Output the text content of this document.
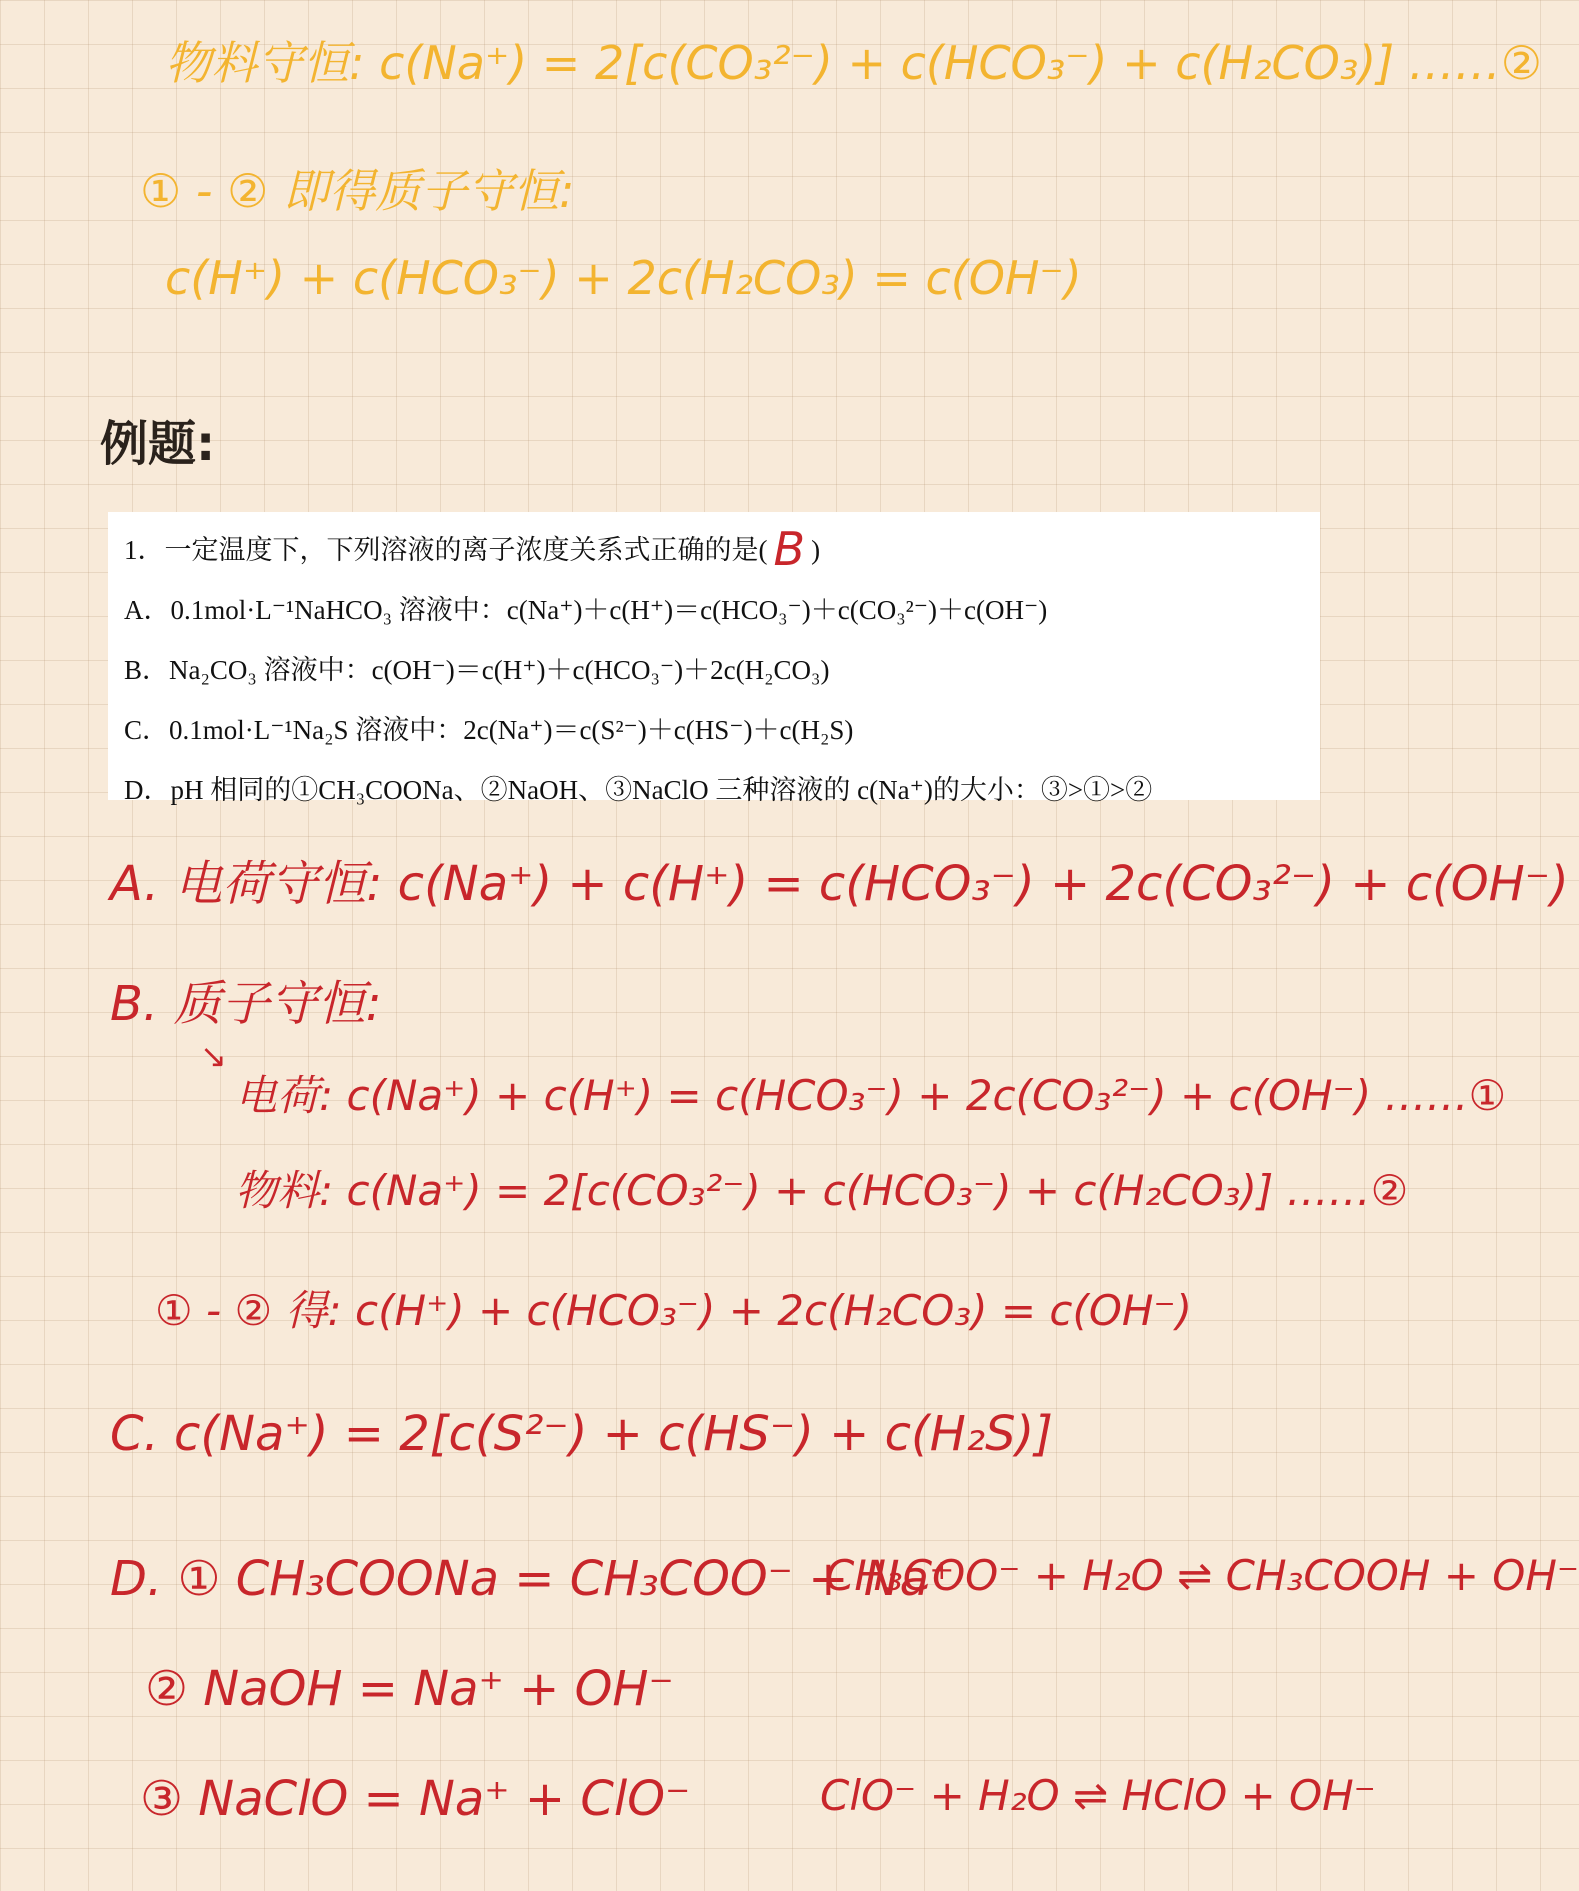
物料守恒: c(Na⁺) = 2[c(CO₃²⁻) + c(HCO₃⁻) + c(H₂CO₃)] ……②
① - ② 即得质子守恒:
c(H⁺) + c(HCO₃⁻) + 2c(H₂CO₃) = c(OH⁻)
例题:
1．一定温度下，下列溶液的离子浓度关系式正确的是( B )
A．0.1mol·L⁻¹NaHCO₃ 溶液中：c(Na⁺)＋c(H⁺)＝c(HCO₃⁻)＋c(CO₃²⁻)＋c(OH⁻)
B．Na₂CO₃ 溶液中：c(OH⁻)＝c(H⁺)＋c(HCO₃⁻)＋2c(H₂CO₃)
C．0.1mol·L⁻¹Na₂S 溶液中：2c(Na⁺)＝c(S²⁻)＋c(HS⁻)＋c(H₂S)
D．pH 相同的①CH₃COONa、②NaOH、③NaClO 三种溶液的 c(Na⁺)的大小：③>①>②
A. 电荷守恒: c(Na⁺) + c(H⁺) = c(HCO₃⁻) + 2c(CO₃²⁻) + c(OH⁻)
B. 质子守恒:
↘
电荷: c(Na⁺) + c(H⁺) = c(HCO₃⁻) + 2c(CO₃²⁻) + c(OH⁻) ……①
物料: c(Na⁺) = 2[c(CO₃²⁻) + c(HCO₃⁻) + c(H₂CO₃)] ……②
① - ② 得: c(H⁺) + c(HCO₃⁻) + 2c(H₂CO₃) = c(OH⁻)
C. c(Na⁺) = 2[c(S²⁻) + c(HS⁻) + c(H₂S)]
D. ① CH₃COONa = CH₃COO⁻ + Na⁺
CH₃COO⁻ + H₂O ⇌ CH₃COOH + OH⁻
② NaOH = Na⁺ + OH⁻
③ NaClO = Na⁺ + ClO⁻	ClO⁻ + H₂O ⇌ HClO + OH⁻
